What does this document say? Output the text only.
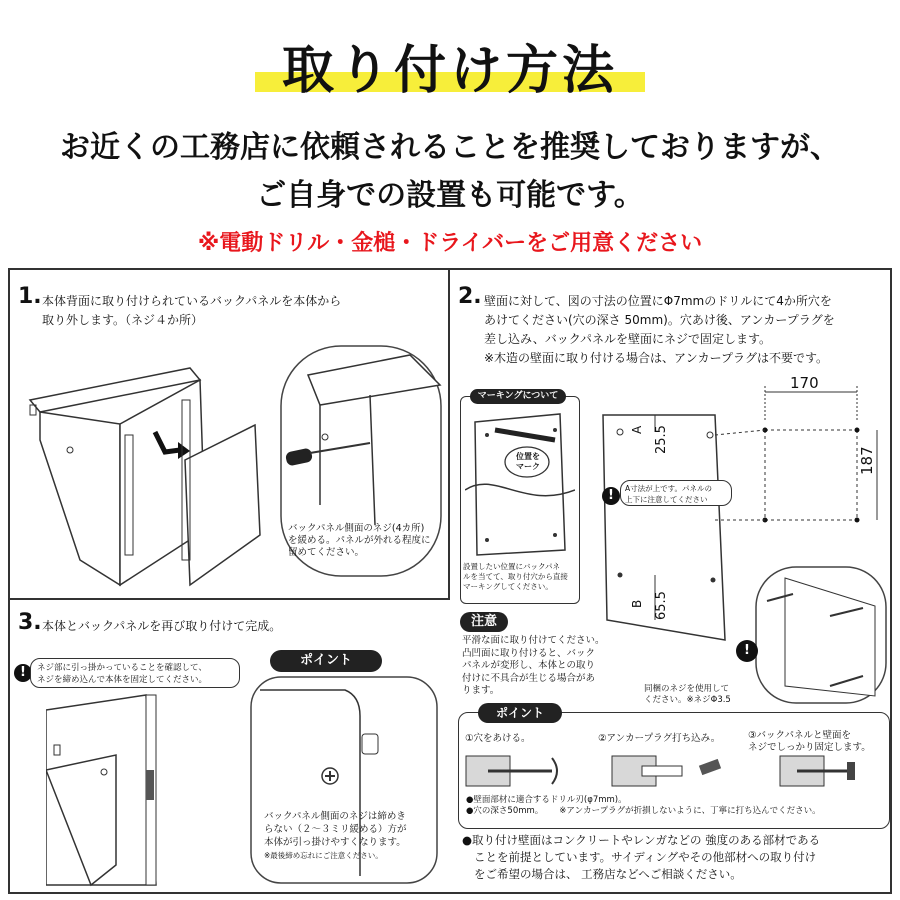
取り付け方法
お近くの工務店に依頼されることを推奨しておりますが、
ご自身での設置も可能です。
※電動ドリル・金槌・ドライバーをご用意ください
1. 本体背面に取り付けられているバックパネルを本体から
取り外します。（ネジ４か所）
バックパネル側面のネジ(4カ所)
を緩める。パネルが外れる程度に
留めてください。
2. 壁面に対して、図の寸法の位置にΦ7mmのドリルにて4か所穴を
あけてください(穴の深さ 50mm)。穴あけ後、アンカープラグを
差し込み、バックパネルを壁面にネジで固定します。
※木造の壁面に取り付ける場合は、アンカープラグは不要です。
マーキングについて
位置を
マーク
設置したい位置にバックパネ
ルを当てて、取り付穴から直接
マーキングしてください。
170
187
A 25.5
B 65.5
!	A寸法が上です。パネルの
上下に注意してください
!
同梱のネジを使用して
ください。※ネジΦ3.5
注意
平滑な面に取り付けてください。
凸凹面に取り付けると、バック
パネルが変形し、本体との取り
付けに不具合が生じる場合があ
ります。
ポイント
①穴をあける。	②アンカープラグ打ち込み。	③バックパネルと壁面を
ネジでしっかり固定します。
●壁面部材に適合するドリル刃(φ7mm)。
●穴の深さ50mm。 ※アンカープラグが折損しないように、丁寧に打ち込んでください。
●取り付け壁面はコンクリートやレンガなどの 強度のある部材である
ことを前提としています。サイディングやその他部材への取り付け
をご希望の場合は、 工務店などへご相談ください。
3. 本体とバックパネルを再び取り付けて完成。
!	ネジ部に引っ掛かっていることを確認して、
ネジを締め込んで本体を固定してください。
ポイント
バックパネル側面のネジは締めき
らない（２～３ミリ緩める）方が
本体が引っ掛けやすくなります。
※最後締め忘れにご注意ください。
